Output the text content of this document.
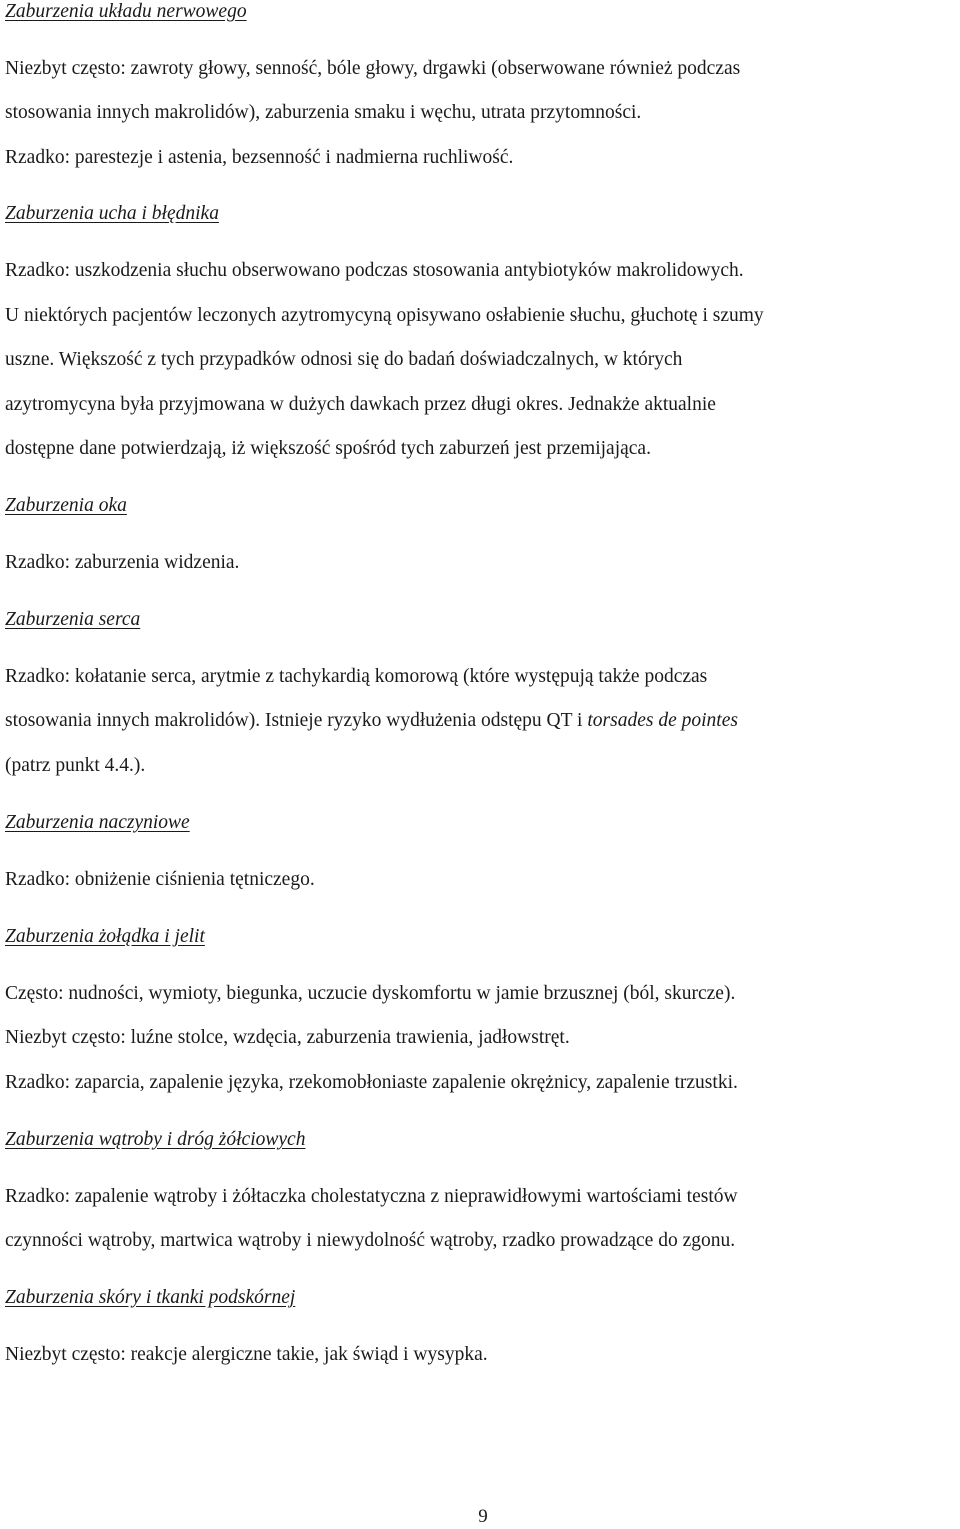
Zaburzenia układu nerwowego
Niezbyt często: zawroty głowy, senność, bóle głowy, drgawki (obserwowane również podczas
stosowania innych makrolidów), zaburzenia smaku i węchu, utrata przytomności.
Rzadko: parestezje i astenia, bezsenność i nadmierna ruchliwość.
Zaburzenia ucha i błędnika
Rzadko: uszkodzenia słuchu obserwowano podczas stosowania antybiotyków makrolidowych.
U niektórych pacjentów leczonych azytromycyną opisywano osłabienie słuchu, głuchotę i szumy
uszne. Większość z tych przypadków odnosi się do badań doświadczalnych, w których
azytromycyna była przyjmowana w dużych dawkach przez długi okres. Jednakże aktualnie
dostępne dane potwierdzają, iż większość spośród tych zaburzeń jest przemijająca.
Zaburzenia oka
Rzadko: zaburzenia widzenia.
Zaburzenia serca
Rzadko: kołatanie serca, arytmie z tachykardią komorową (które występują także podczas
stosowania innych makrolidów). Istnieje ryzyko wydłużenia odstępu QT i torsades de pointes
(patrz punkt 4.4.).
Zaburzenia naczyniowe
Rzadko: obniżenie ciśnienia tętniczego.
Zaburzenia żołądka i jelit
Często: nudności, wymioty, biegunka, uczucie dyskomfortu w jamie brzusznej (ból, skurcze).
Niezbyt często: luźne stolce, wzdęcia, zaburzenia trawienia, jadłowstręt.
Rzadko: zaparcia, zapalenie języka, rzekomobłoniaste zapalenie okrężnicy, zapalenie trzustki.
Zaburzenia wątroby i dróg żółciowych
Rzadko: zapalenie wątroby i żółtaczka cholestatyczna z nieprawidłowymi wartościami testów
czynności wątroby, martwica wątroby i niewydolność wątroby, rzadko prowadzące do zgonu.
Zaburzenia skóry i tkanki podskórnej
Niezbyt często: reakcje alergiczne takie, jak świąd i wysypka.
9
